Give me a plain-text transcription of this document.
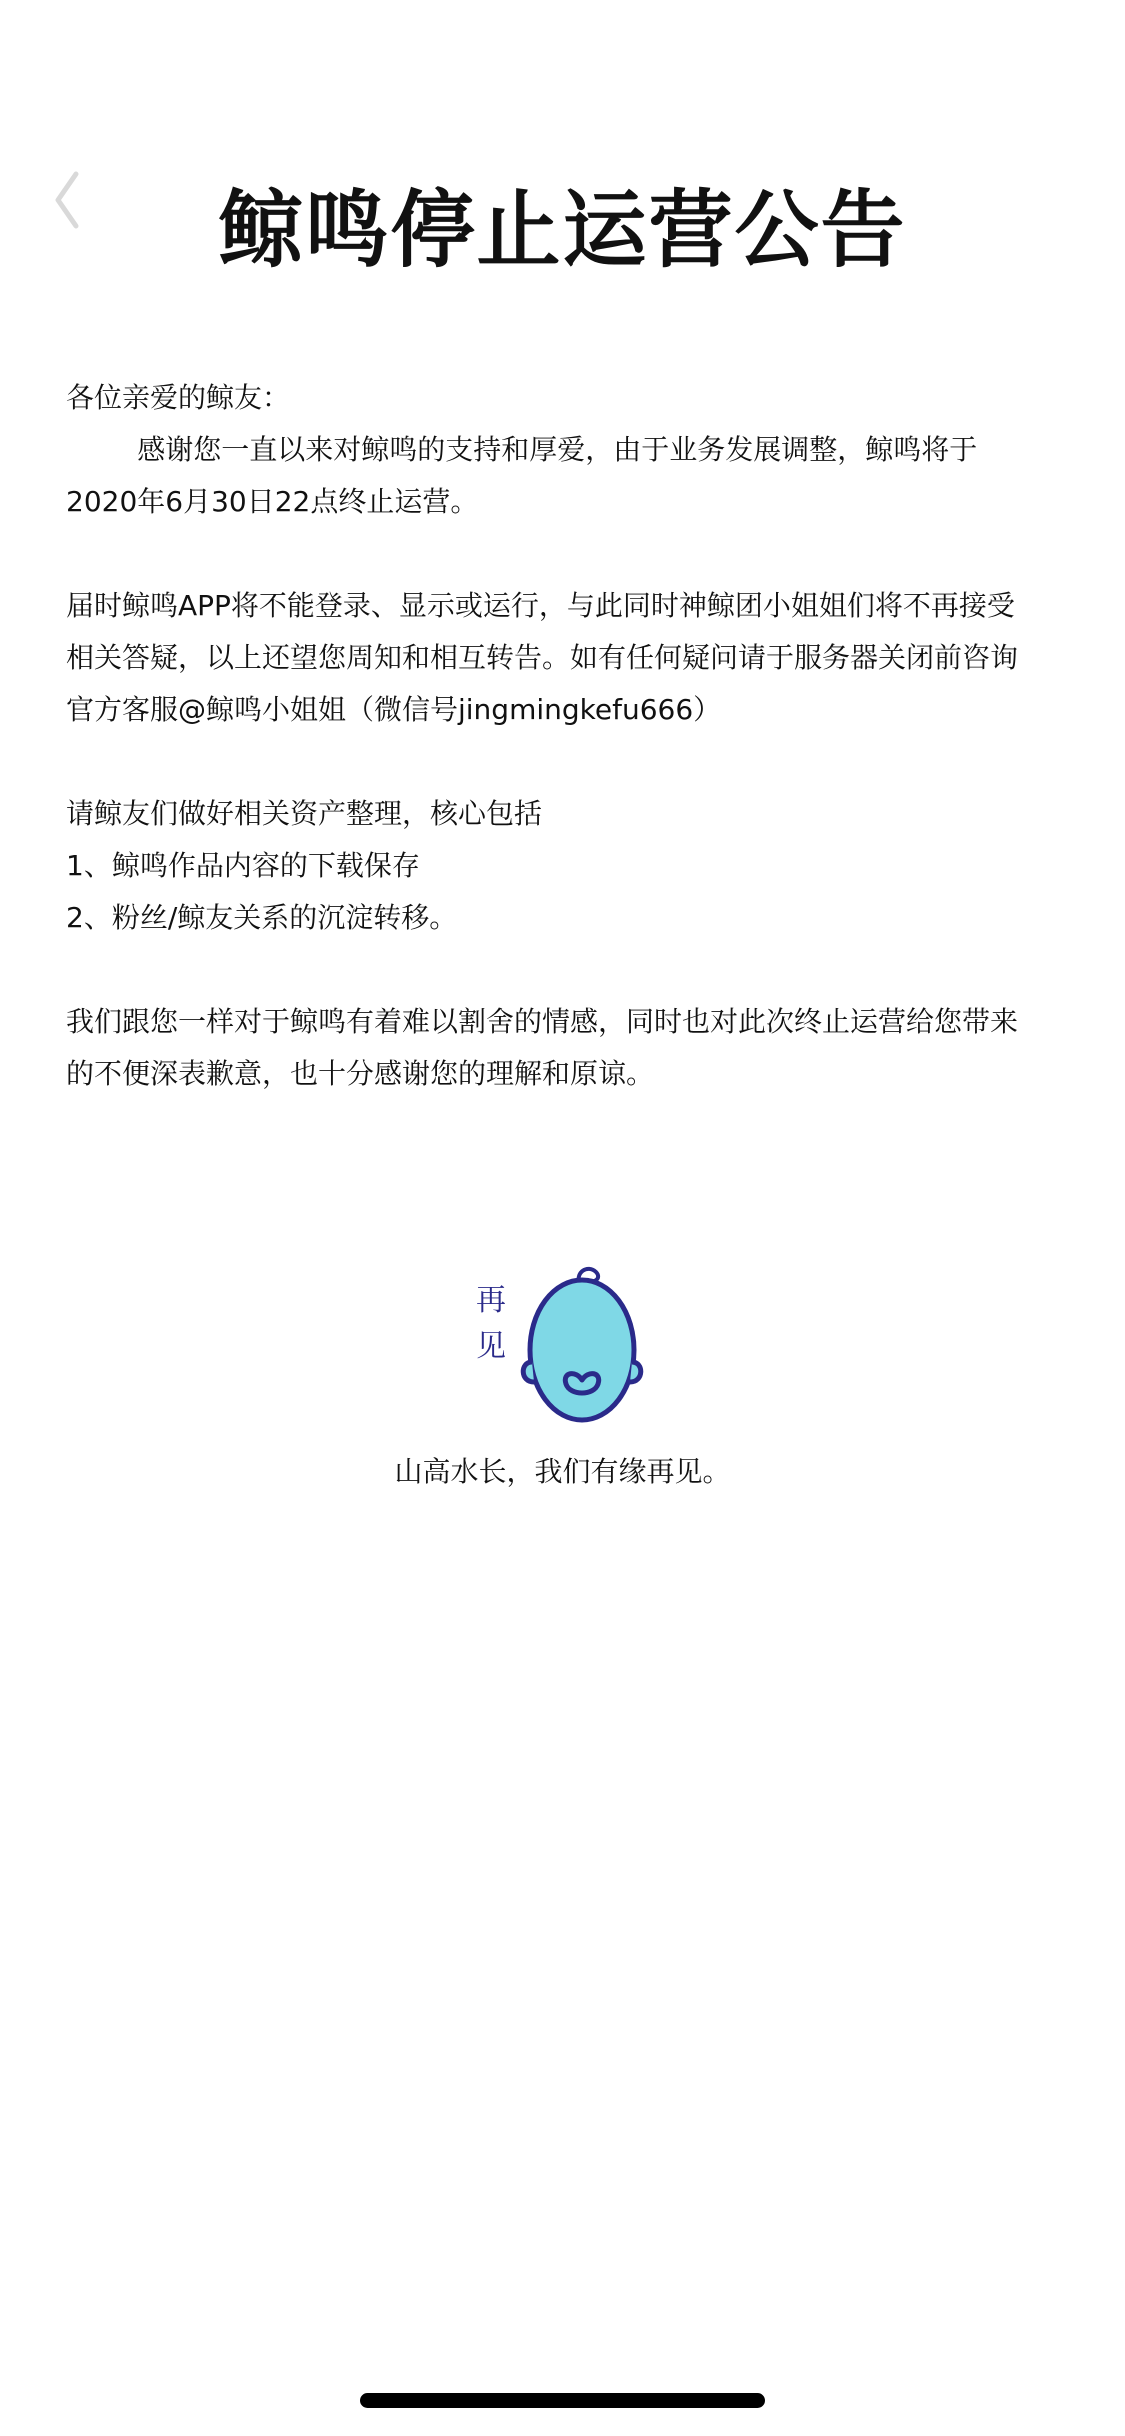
鲸鸣停止运营公告

各位亲爱的鲸友：

感谢您一直以来对鲸鸣的支持和厚爱，由于业务发展调整，鲸鸣将于

2020年6月30日22点终止运营。

届时鲸鸣APP将不能登录、显示或运行，与此同时神鲸团小姐姐们将不再接受

相关答疑，以上还望您周知和相互转告。如有任何疑问请于服务器关闭前咨询

官方客服@鲸鸣小姐姐（微信号jingmingkefu666）

请鲸友们做好相关资产整理，核心包括

1、鲸鸣作品内容的下载保存

2、粉丝/鲸友关系的沉淀转移。

我们跟您一样对于鲸鸣有着难以割舍的情感，同时也对此次终止运营给您带来

的不便深表歉意，也十分感谢您的理解和原谅。

再
见
山高水长，我们有缘再见。
